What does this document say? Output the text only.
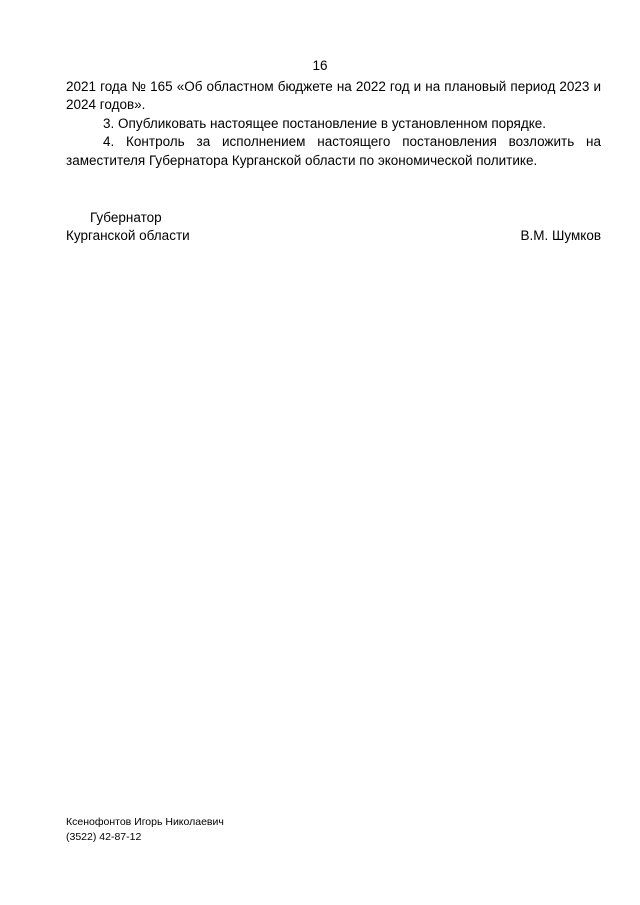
16

2021 года № 165 «Об областном бюджете на 2022 год и на плановый период 2023 и 2024 годов».

3. Опубликовать настоящее постановление в установленном порядке.

4. Контроль за исполнением настоящего постановления возложить на заместителя Губернатора Курганской области по экономической политике.

Губернатор
Курганской области	В.М. Шумков
Ксенофонтов Игорь Николаевич
(3522) 42-87-12
